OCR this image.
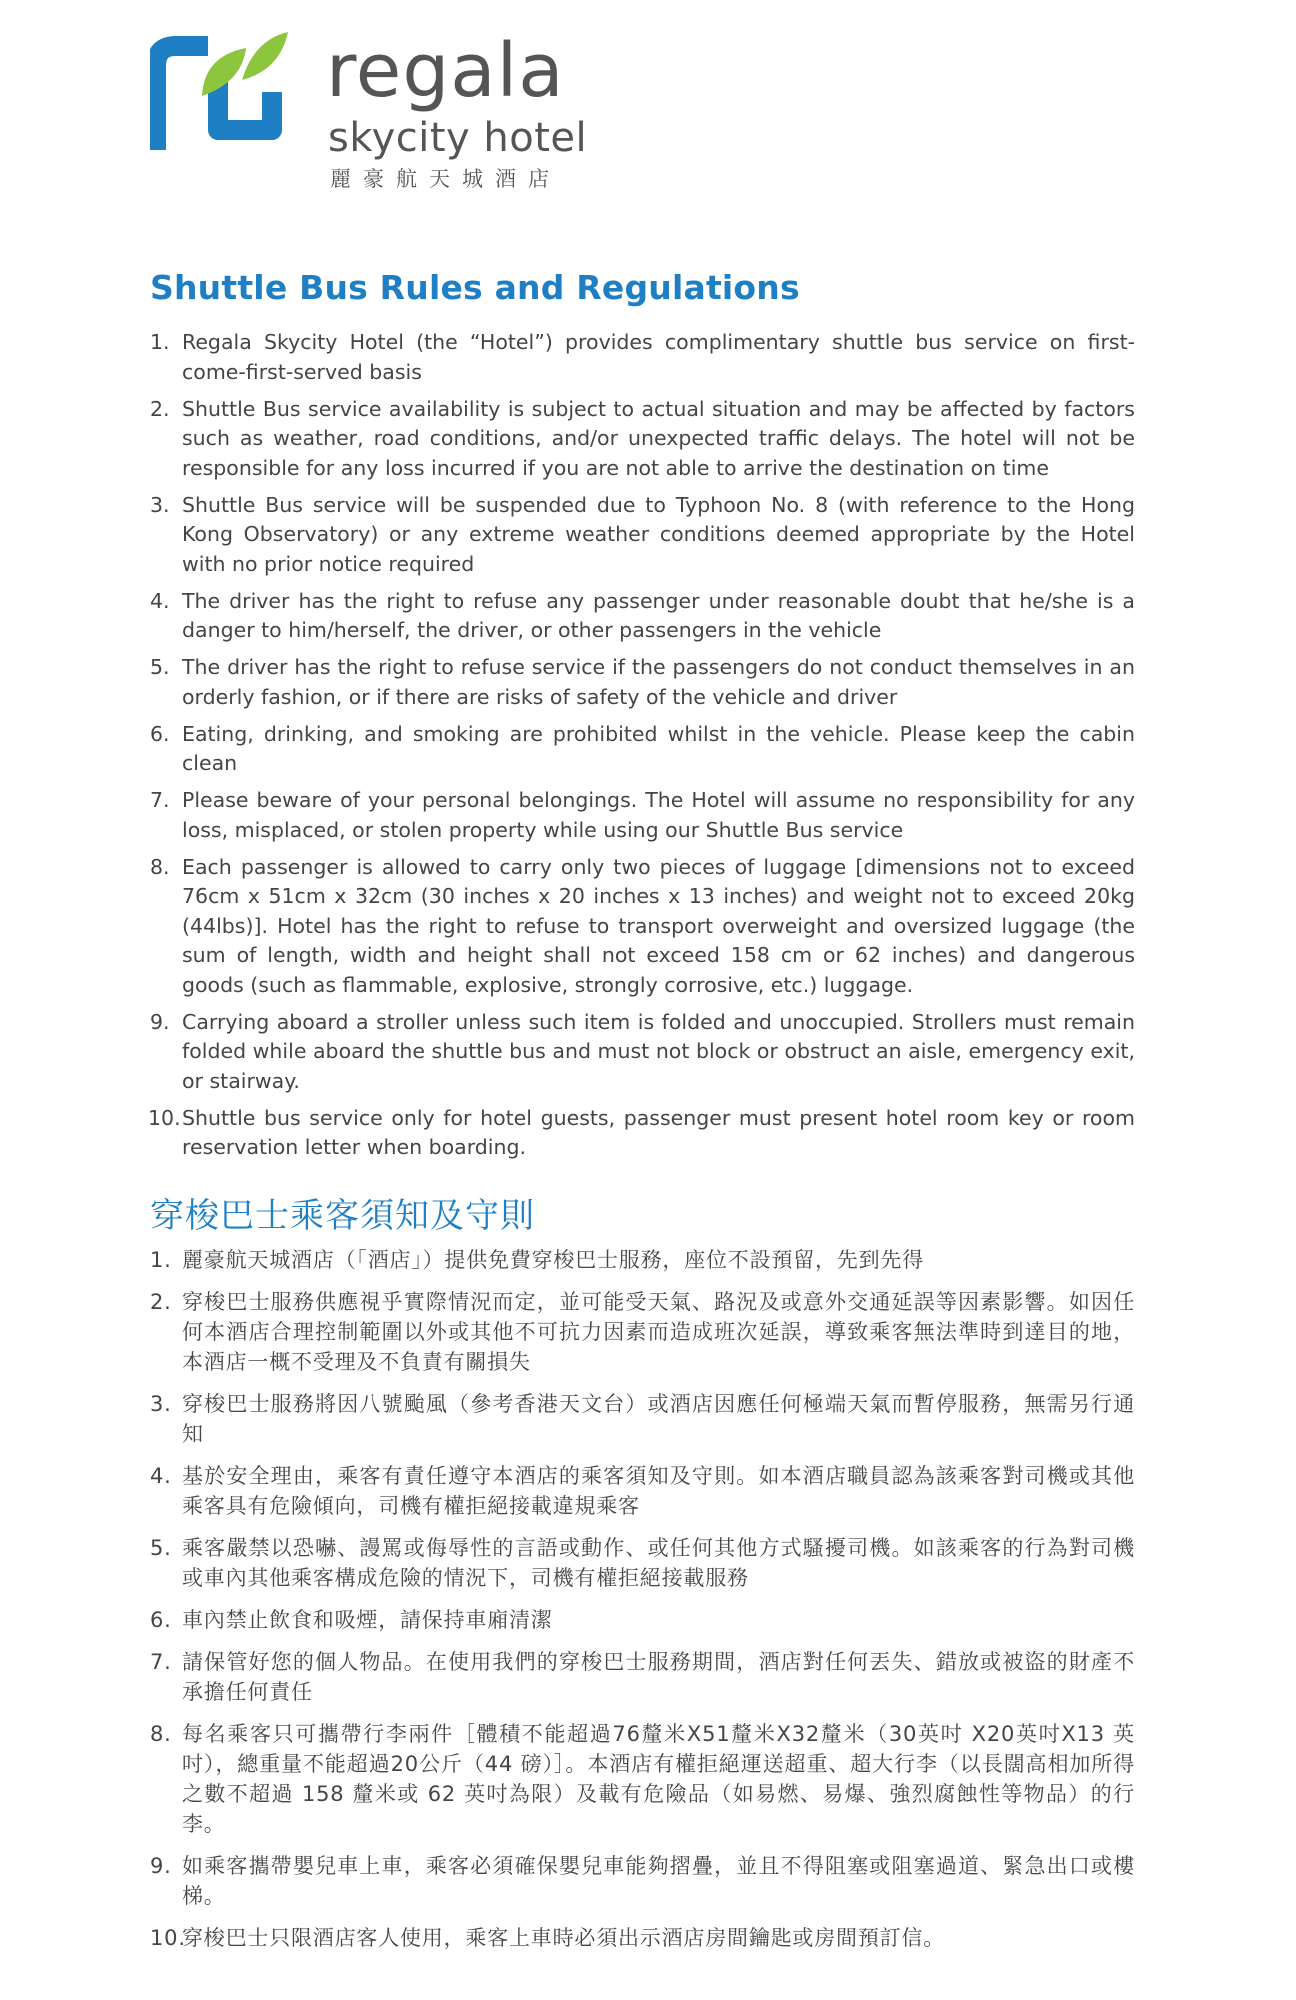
regala
skycity hotel
麗豪航天城酒店
Shuttle Bus Rules and Regulations
1. Regala Skycity Hotel (the “Hotel”) provides complimentary shuttle bus service on first-come-first-served basis
2. Shuttle Bus service availability is subject to actual situation and may be affected by factors such as weather, road conditions, and/or unexpected traffic delays. The hotel will not be responsible for any loss incurred if you are not able to arrive the destination on time
3. Shuttle Bus service will be suspended due to Typhoon No. 8 (with reference to the Hong Kong Observatory) or any extreme weather conditions deemed appropriate by the Hotel with no prior notice required
4. The driver has the right to refuse any passenger under reasonable doubt that he/she is a danger to him/herself, the driver, or other passengers in the vehicle
5. The driver has the right to refuse service if the passengers do not conduct themselves in an orderly fashion, or if there are risks of safety of the vehicle and driver
6. Eating, drinking, and smoking are prohibited whilst in the vehicle. Please keep the cabin clean
7. Please beware of your personal belongings. The Hotel will assume no responsibility for any loss, misplaced, or stolen property while using our Shuttle Bus service
8. Each passenger is allowed to carry only two pieces of luggage [dimensions not to exceed 76cm x 51cm x 32cm (30 inches x 20 inches x 13 inches) and weight not to exceed 20kg (44lbs)]. Hotel has the right to refuse to transport overweight and oversized luggage (the sum of length, width and height shall not exceed 158 cm or 62 inches) and dangerous goods (such as flammable, explosive, strongly corrosive, etc.) luggage.
9. Carrying aboard a stroller unless such item is folded and unoccupied. Strollers must remain folded while aboard the shuttle bus and must not block or obstruct an aisle, emergency exit, or stairway.
10. Shuttle bus service only for hotel guests, passenger must present hotel room key or room reservation letter when boarding.
穿梭巴士乘客須知及守則
1. 麗豪航天城酒店（「酒店」）提供免費穿梭巴士服務，座位不設預留，先到先得
2. 穿梭巴士服務供應視乎實際情況而定，並可能受天氣、路況及或意外交通延誤等因素影響。如因任何本酒店合理控制範圍以外或其他不可抗力因素而造成班次延誤，導致乘客無法準時到達目的地，本酒店一概不受理及不負責有關損失
3. 穿梭巴士服務將因八號颱風（參考香港天文台）或酒店因應任何極端天氣而暫停服務，無需另行通知
4. 基於安全理由，乘客有責任遵守本酒店的乘客須知及守則。如本酒店職員認為該乘客對司機或其他乘客具有危險傾向，司機有權拒絕接載違規乘客
5. 乘客嚴禁以恐嚇、謾罵或侮辱性的言語或動作、或任何其他方式騷擾司機。如該乘客的行為對司機或車內其他乘客構成危險的情況下，司機有權拒絕接載服務
6. 車內禁止飲食和吸煙，請保持車廂清潔
7. 請保管好您的個人物品。在使用我們的穿梭巴士服務期間，酒店對任何丟失、錯放或被盜的財產不承擔任何責任
8. 每名乘客只可攜帶行李兩件［體積不能超過76釐米X51釐米X32釐米（30英吋 X20英吋X13 英吋），總重量不能超過20公斤（44 磅）］。本酒店有權拒絕運送超重、超大行李（以長闊高相加所得之數不超過 158 釐米或 62 英吋為限）及載有危險品（如易燃、易爆、強烈腐蝕性等物品）的行李。
9. 如乘客攜帶嬰兒車上車，乘客必須確保嬰兒車能夠摺疊，並且不得阻塞或阻塞過道、緊急出口或樓梯。
10.
穿梭巴士只限酒店客人使用，乘客上車時必須出示酒店房間鑰匙或房間預訂信。
